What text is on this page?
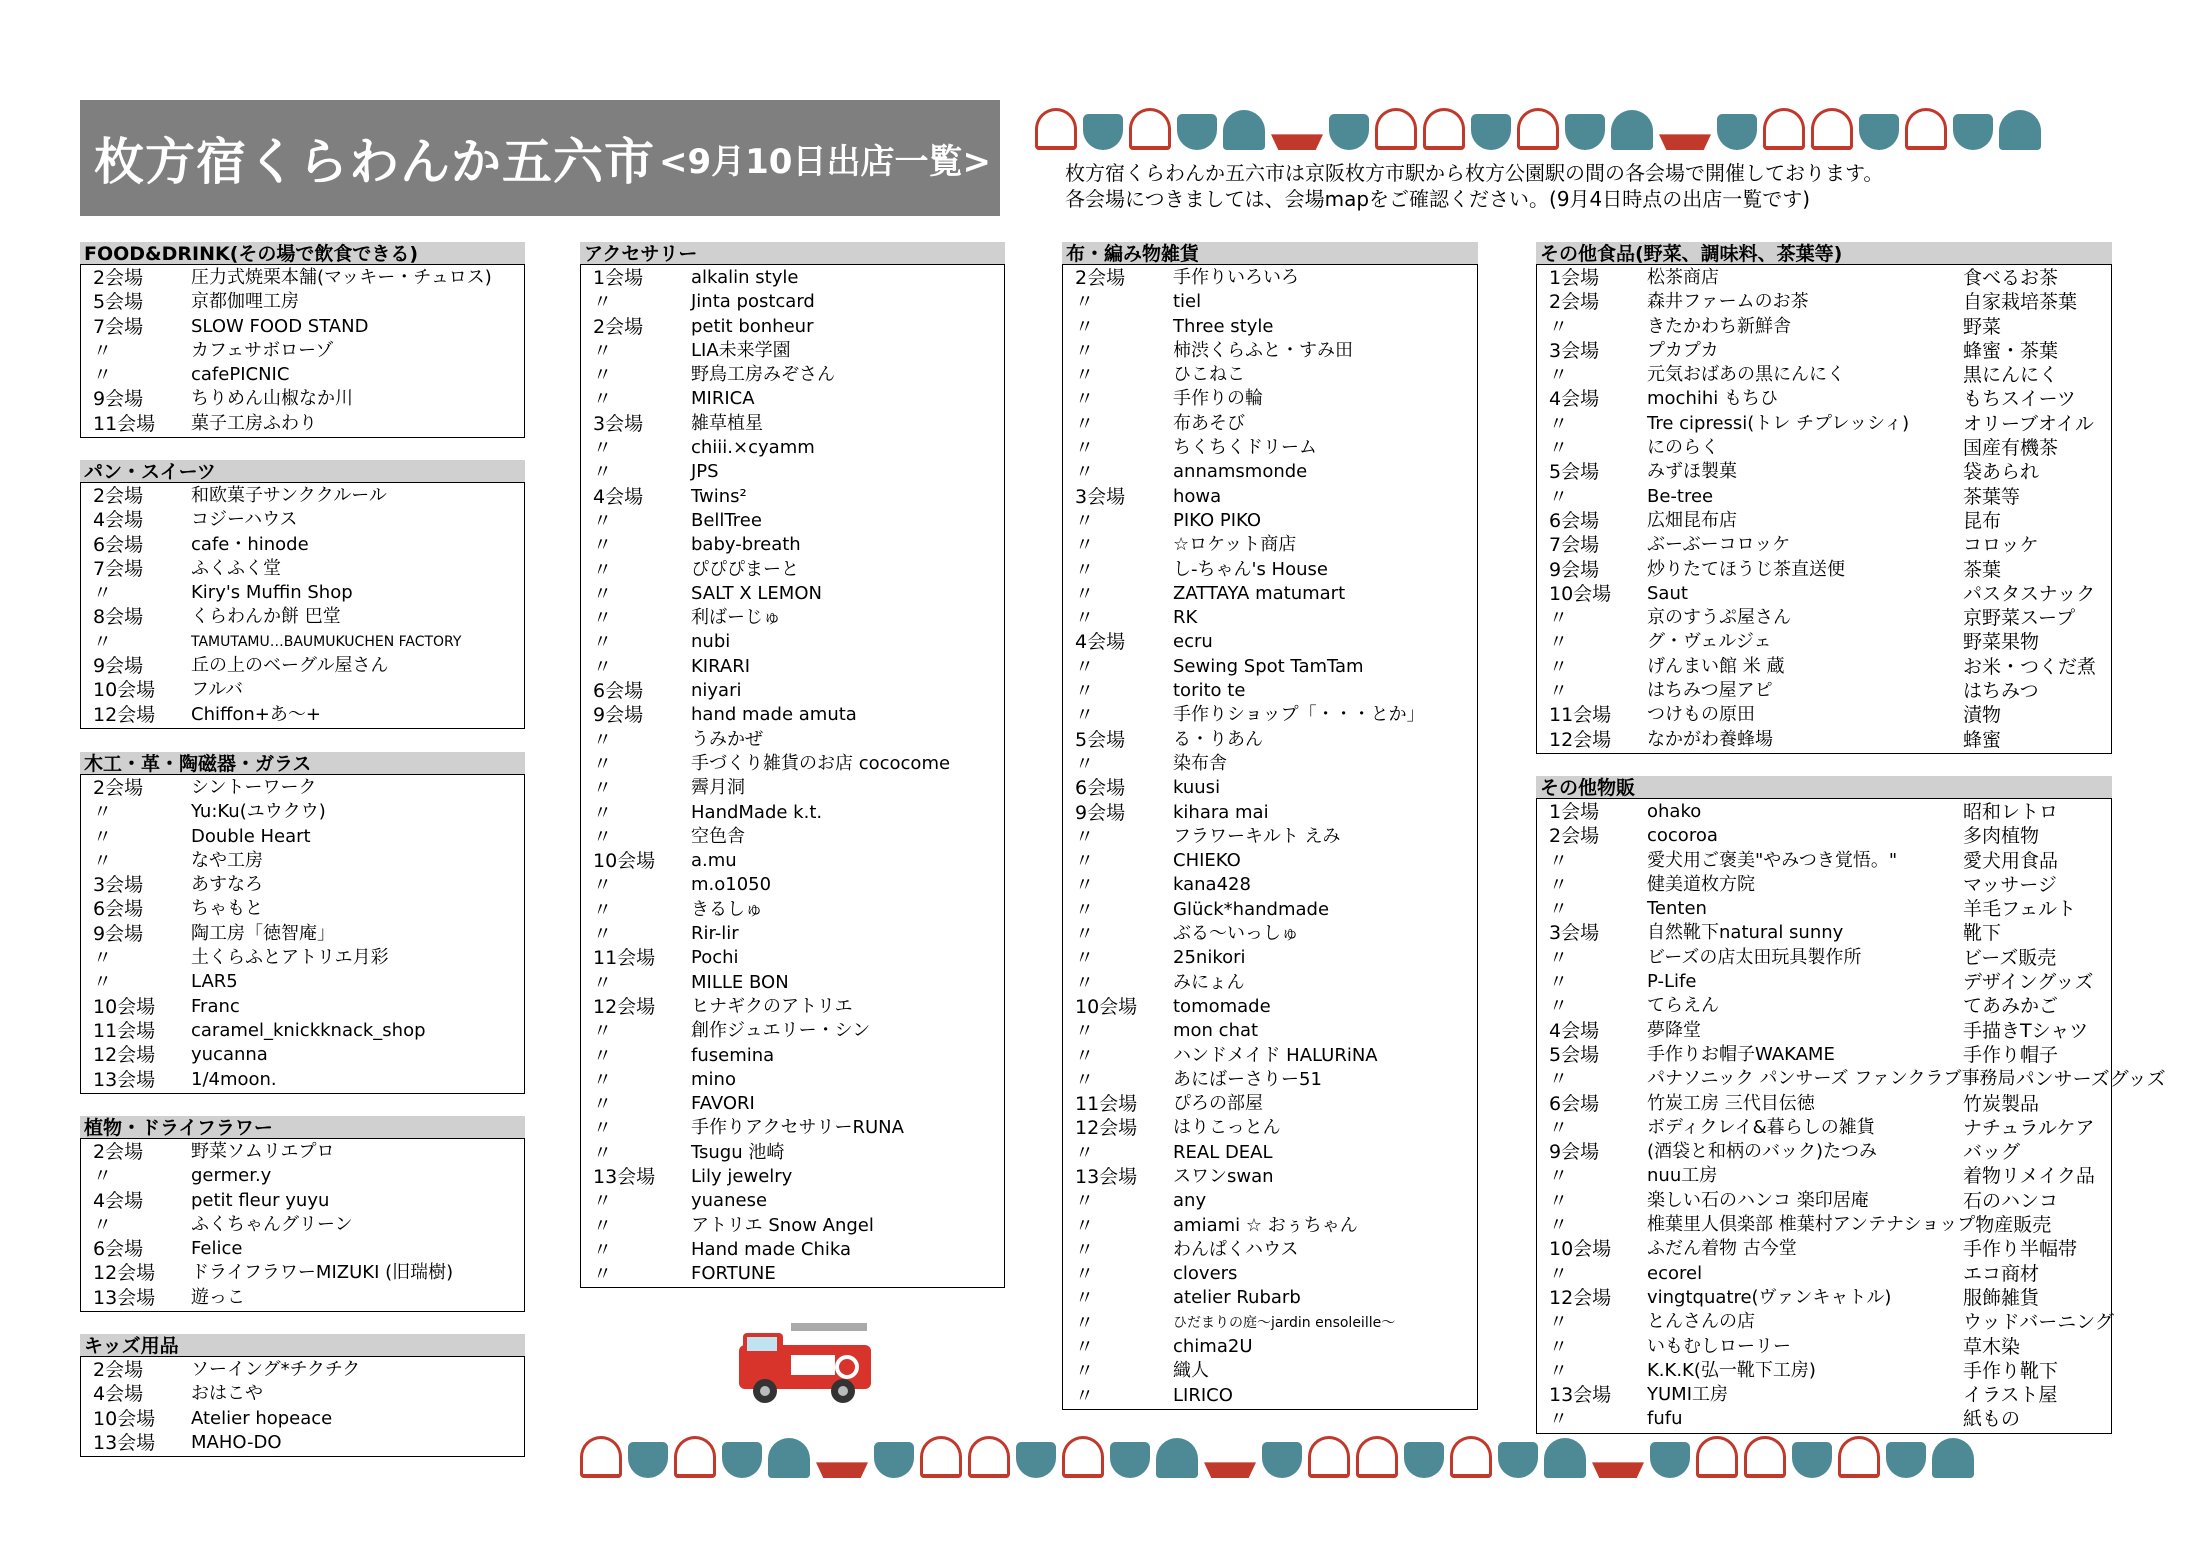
枚方宿くらわんか五六市 <9月10日出店一覧>	枚方宿くらわんか五六市は京阪枚方市駅から枚方公園駅の間の各会場で開催しております。
各会場につきましては、会場mapをご確認ください。(9月4日時点の出店一覧です)
FOOD&DRINK(その場で飲食できる)
2会場	圧力式焼栗本舗(マッキー・チュロス)
5会場	京都伽哩工房
7会場	SLOW FOOD STAND
〃	カフェサボローゾ
〃	cafePICNIC
9会場	ちりめん山椒なか川
11会場	菓子工房ふわり
パン・スイーツ
2会場	和欧菓子サンククルール
4会場	コジーハウス
6会場	cafe・hinode
7会場	ふくふく堂
〃	Kiry's Muffin Shop
8会場	くらわんか餅 巴堂
〃	TAMUTAMU…BAUMUKUCHEN FACTORY
9会場	丘の上のベーグル屋さん
10会場	フルバ
12会場	Chiffon+あ〜+
木工・革・陶磁器・ガラス
2会場	シントーワーク
〃	Yu:Ku(ユウクウ)
〃	Double Heart
〃	なや工房
3会場	あすなろ
6会場	ちゃもと
9会場	陶工房「徳智庵」
〃	土くらふとアトリエ月彩
〃	LAR5
10会場	Franc
11会場	caramel_knickknack_shop
12会場	yucanna
13会場	1/4moon.
植物・ドライフラワー
2会場	野菜ソムリエプロ
〃	germer.y
4会場	petit fleur yuyu
〃	ふくちゃんグリーン
6会場	Felice
12会場	ドライフラワーMIZUKI (旧瑞樹)
13会場	遊っこ
キッズ用品
2会場	ソーイング*チクチク
4会場	おはこや
10会場	Atelier hopeace
13会場	MAHO-DO
アクセサリー
1会場	alkalin style
〃	Jinta postcard
2会場	petit bonheur
〃	LIA未来学園
〃	野鳥工房みぞさん
〃	MIRICA
3会場	雑草植星
〃	chiii.×cyamm
〃	JPS
4会場	Twins²
〃	BellTree
〃	baby-breath
〃	ぴぴぴまーと
〃	SALT X LEMON
〃	利ばーじゅ
〃	nubi
〃	KIRARI
6会場	niyari
9会場	hand made amuta
〃	うみかぜ
〃	手づくり雑貨のお店 cococome
〃	霽月洞
〃	HandMade k.t.
〃	空色舎
10会場	a.mu
〃	m.o1050
〃	きるしゅ
〃	Rir-lir
11会場	Pochi
〃	MILLE BON
12会場	ヒナギクのアトリエ
〃	創作ジュエリー・シン
〃	fusemina
〃	mino
〃	FAVORI
〃	手作りアクセサリーRUNA
〃	Tsugu 池崎
13会場	Lily jewelry
〃	yuanese
〃	アトリエ Snow Angel
〃	Hand made Chika
〃	FORTUNE
布・編み物雑貨
2会場	手作りいろいろ
〃	tiel
〃	Three style
〃	柿渋くらふと・すみ田
〃	ひこねこ
〃	手作りの輪
〃	布あそび
〃	ちくちくドリーム
〃	annamsmonde
3会場	howa
〃	PIKO PIKO
〃	☆ロケット商店
〃	し-ちゃん's House
〃	ZATTAYA matumart
〃	RK
4会場	ecru
〃	Sewing Spot TamTam
〃	torito te
〃	手作りショップ「・・・とか」
5会場	る・りあん
〃	染布舎
6会場	kuusi
9会場	kihara mai
〃	フラワーキルト えみ
〃	CHIEKO
〃	kana428
〃	Glück*handmade
〃	ぶる〜いっしゅ
〃	25nikori
〃	みにょん
10会場	tomomade
〃	mon chat
〃	ハンドメイド HALURiNA
〃	あにばーさりー51
11会場	ぴろの部屋
12会場	はりこっとん
〃	REAL DEAL
13会場	スワンswan
〃	any
〃	amiami ☆ おぅちゃん
〃	わんぱくハウス
〃	clovers
〃	atelier Rubarb
〃	ひだまりの庭〜jardin ensoleille〜
〃	chima2U
〃	織人
〃	LIRICO
その他食品(野菜、調味料、茶葉等)
1会場	松茶商店	食べるお茶
2会場	森井ファームのお茶	自家栽培茶葉
〃	きたかわち新鮮舎	野菜
3会場	プカプカ	蜂蜜・茶葉
〃	元気おばあの黒にんにく	黒にんにく
4会場	mochihi もちひ	もちスイーツ
〃	Tre cipressi(トレ チプレッシィ)	オリーブオイル
〃	にのらく	国産有機茶
5会場	みずほ製菓	袋あられ
〃	Be-tree	茶葉等
6会場	広畑昆布店	昆布
7会場	ぶーぶーコロッケ	コロッケ
9会場	炒りたてほうじ茶直送便	茶葉
10会場	Saut	パスタスナック
〃	京のすうぷ屋さん	京野菜スープ
〃	グ・ヴェルジェ	野菜果物
〃	げんまい館 米 蔵	お米・つくだ煮
〃	はちみつ屋アピ	はちみつ
11会場	つけもの原田	漬物
12会場	なかがわ養蜂場	蜂蜜
その他物販
1会場	ohako	昭和レトロ
2会場	cocoroa	多肉植物
〃	愛犬用ご褒美"やみつき覚悟。"	愛犬用食品
〃	健美道枚方院	マッサージ
〃	Tenten	羊毛フェルト
3会場	自然靴下natural sunny	靴下
〃	ビーズの店太田玩具製作所	ビーズ販売
〃	P-Life	デザイングッズ
〃	てらえん	てあみかご
4会場	夢降堂	手描きTシャツ
5会場	手作りお帽子WAKAME	手作り帽子
〃	パナソニック パンサーズ ファンクラブ事務局 パンサーズグッズ
6会場	竹炭工房 三代目伝徳	竹炭製品
〃	ボディクレイ&暮らしの雑貨	ナチュラルケア
9会場	(酒袋と和柄のバック)たつみ	バッグ
〃	nuu工房	着物リメイク品
〃	楽しい石のハンコ 楽印居庵	石のハンコ
〃	椎葉里人倶楽部 椎葉村アンテナショップ 物産販売
10会場	ふだん着物 古今堂	手作り半幅帯
〃	ecorel	エコ商材
12会場	vingtquatre(ヴァンキャトル)	服飾雑貨
〃	とんさんの店	ウッドバーニング
〃	いもむしローリー	草木染
〃	K.K.K(弘一靴下工房)	手作り靴下
13会場	YUMI工房	イラスト屋
〃	fufu	紙もの
